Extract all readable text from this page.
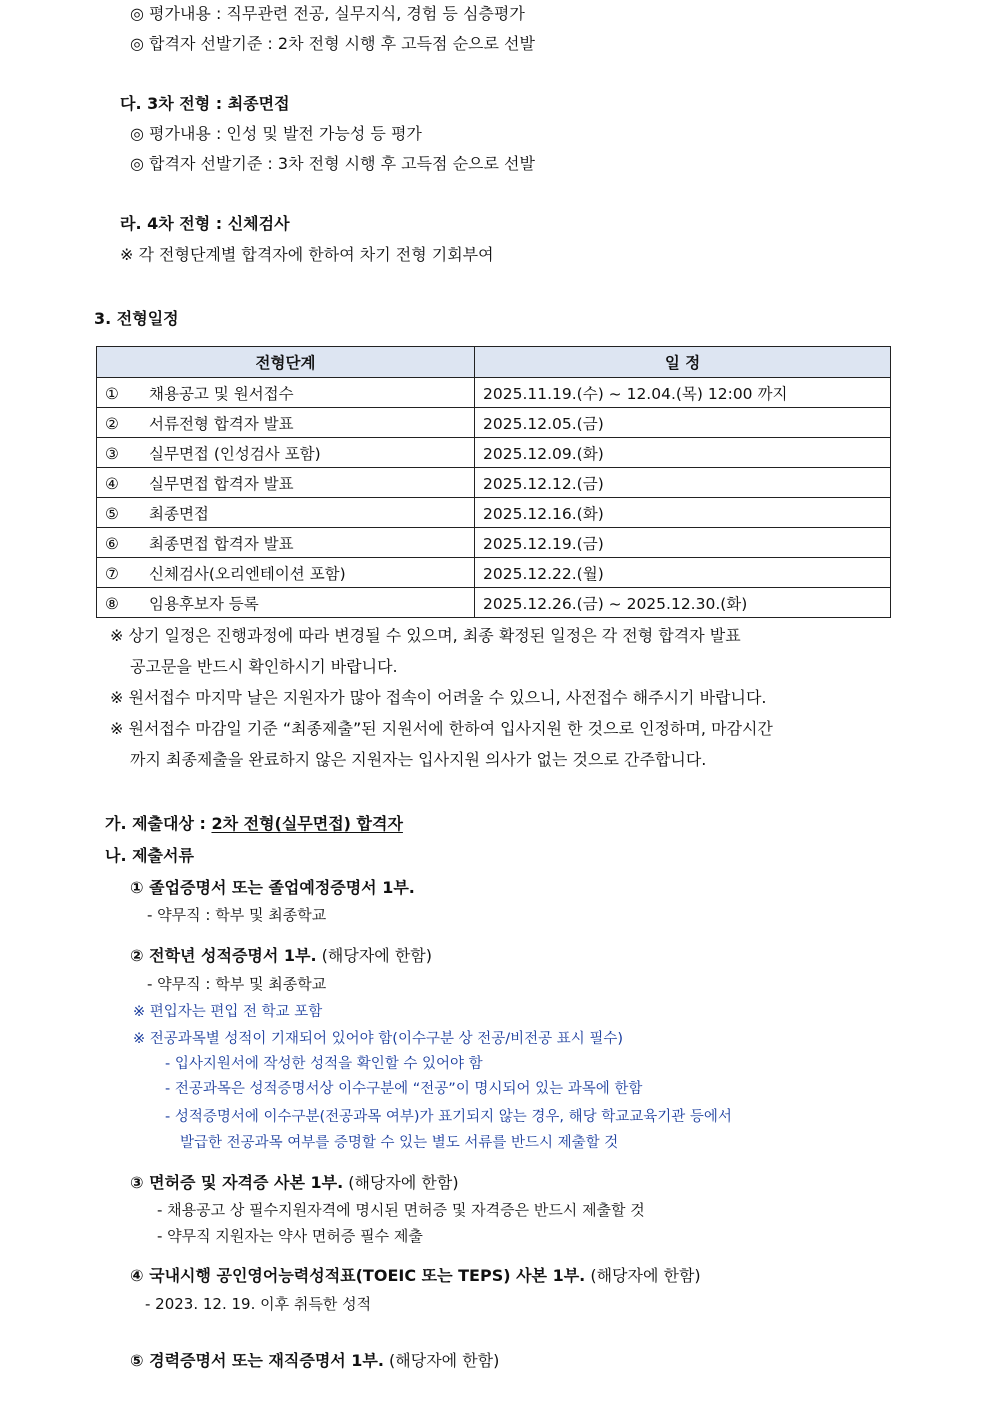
◎ 평가내용 : 직무관련 전공, 실무지식, 경험 등 심층평가
◎ 합격자 선발기준 : 2차 전형 시행 후 고득점 순으로 선발
다. 3차 전형 : 최종면접
◎ 평가내용 : 인성 및 발전 가능성 등 평가
◎ 합격자 선발기준 : 3차 전형 시행 후 고득점 순으로 선발
라. 4차 전형 : 신체검사
※ 각 전형단계별 합격자에 한하여 차기 전형 기회부여
3. 전형일정
전형단계	일 정
① 채용공고 및 원서접수	2025.11.19.(수) ~ 12.04.(목) 12:00 까지
② 서류전형 합격자 발표	2025.12.05.(금)
③ 실무면접 (인성검사 포함)	2025.12.09.(화)
④ 실무면접 합격자 발표	2025.12.12.(금)
⑤ 최종면접	2025.12.16.(화)
⑥ 최종면접 합격자 발표	2025.12.19.(금)
⑦ 신체검사(오리엔테이션 포함)	2025.12.22.(월)
⑧ 임용후보자 등록	2025.12.26.(금) ~ 2025.12.30.(화)
※ 상기 일정은 진행과정에 따라 변경될 수 있으며, 최종 확정된 일정은 각 전형 합격자 발표
공고문을 반드시 확인하시기 바랍니다.
※ 원서접수 마지막 날은 지원자가 많아 접속이 어려울 수 있으니, 사전접수 해주시기 바랍니다.
※ 원서접수 마감일 기준 “최종제출”된 지원서에 한하여 입사지원 한 것으로 인정하며, 마감시간
까지 최종제출을 완료하지 않은 지원자는 입사지원 의사가 없는 것으로 간주합니다.
가. 제출대상 : 2차 전형(실무면접) 합격자
나. 제출서류
① 졸업증명서 또는 졸업예정증명서 1부.
- 약무직 : 학부 및 최종학교
② 전학년 성적증명서 1부. (해당자에 한함)
- 약무직 : 학부 및 최종학교
※ 편입자는 편입 전 학교 포함
※ 전공과목별 성적이 기재되어 있어야 함(이수구분 상 전공/비전공 표시 필수)
- 입사지원서에 작성한 성적을 확인할 수 있어야 함
- 전공과목은 성적증명서상 이수구분에 “전공”이 명시되어 있는 과목에 한함
- 성적증명서에 이수구분(전공과목 여부)가 표기되지 않는 경우, 해당 학교교육기관 등에서
발급한 전공과목 여부를 증명할 수 있는 별도 서류를 반드시 제출할 것
③ 면허증 및 자격증 사본 1부. (해당자에 한함)
- 채용공고 상 필수지원자격에 명시된 면허증 및 자격증은 반드시 제출할 것
- 약무직 지원자는 약사 면허증 필수 제출
④ 국내시행 공인영어능력성적표(TOEIC 또는 TEPS) 사본 1부. (해당자에 한함)
- 2023. 12. 19. 이후 취득한 성적
⑤ 경력증명서 또는 재직증명서 1부. (해당자에 한함)
